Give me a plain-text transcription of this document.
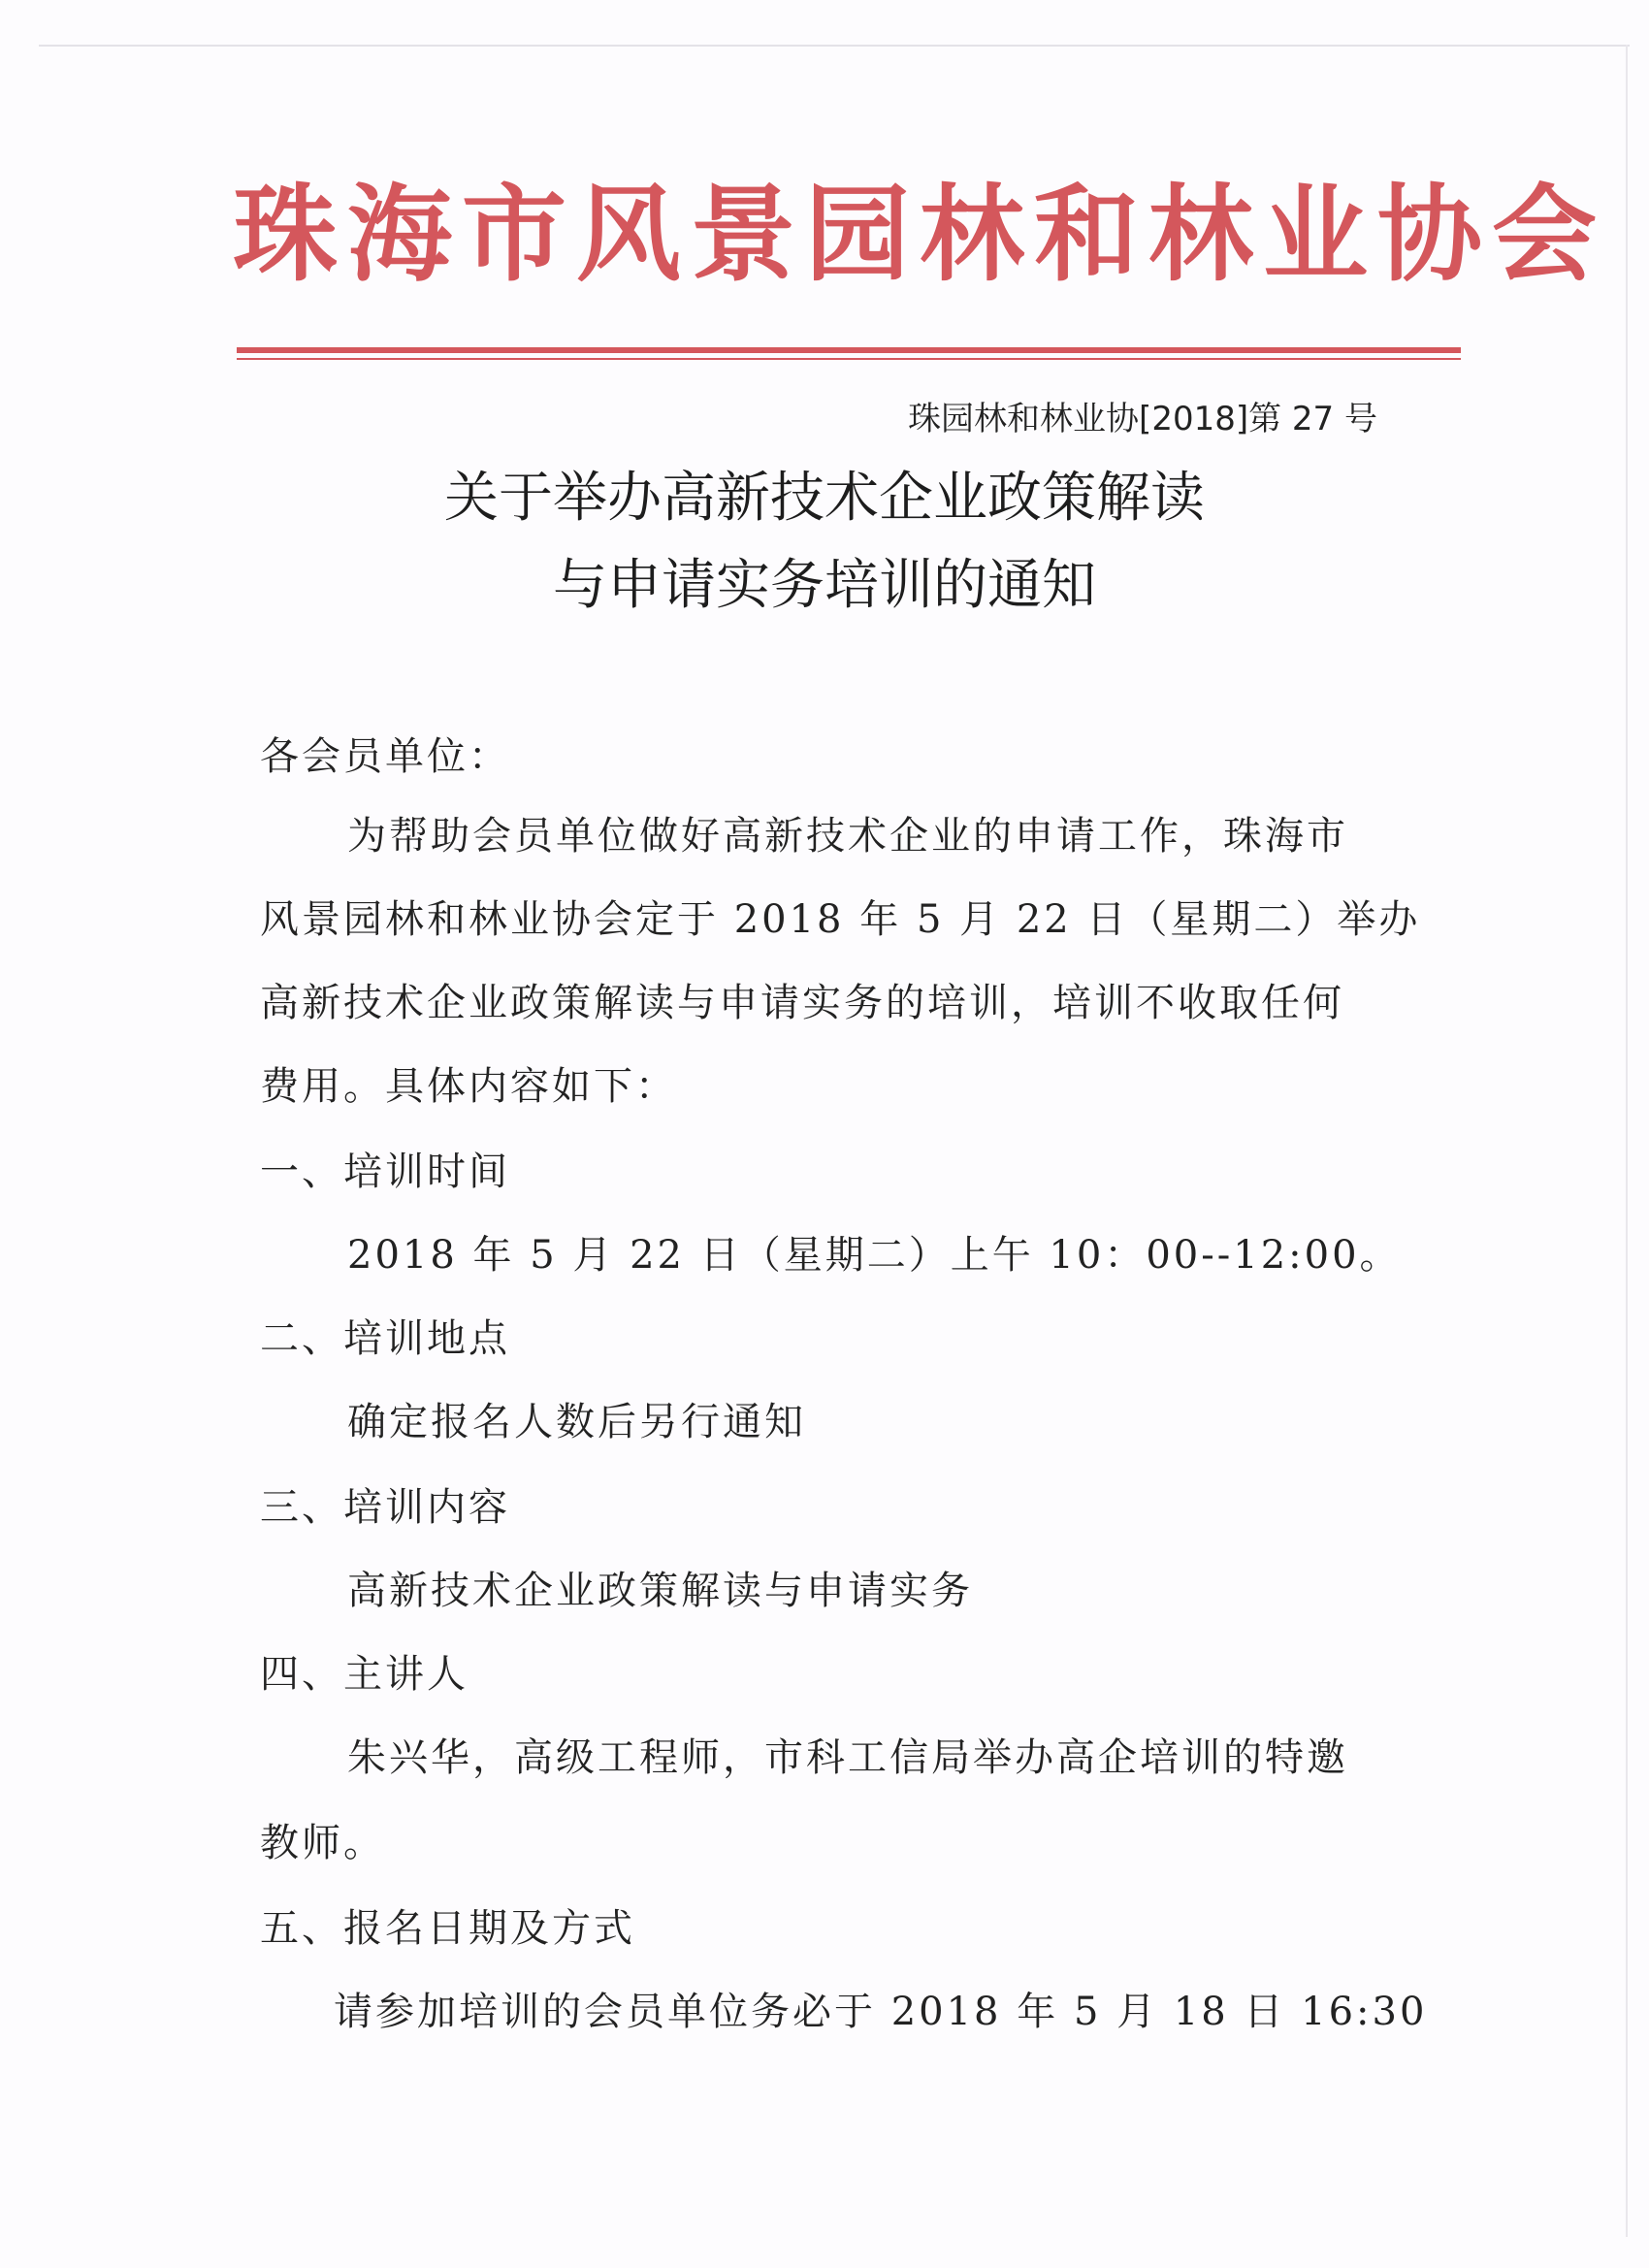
珠海市风景园林和林业协会
珠园林和林业协[2018]第 27 号
关于举办高新技术企业政策解读
与申请实务培训的通知
各会员单位：
为帮助会员单位做好高新技术企业的申请工作，珠海市
风景园林和林业协会定于 2018 年 5 月 22 日（星期二）举办
高新技术企业政策解读与申请实务的培训，培训不收取任何
费用。具体内容如下：
一、培训时间
2018 年 5 月 22 日（星期二）上午 10：00--12:00。
二、培训地点
确定报名人数后另行通知
三、培训内容
高新技术企业政策解读与申请实务
四、主讲人
朱兴华，高级工程师，市科工信局举办高企培训的特邀
教师。
五、报名日期及方式
请参加培训的会员单位务必于 2018 年 5 月 18 日 16:30
